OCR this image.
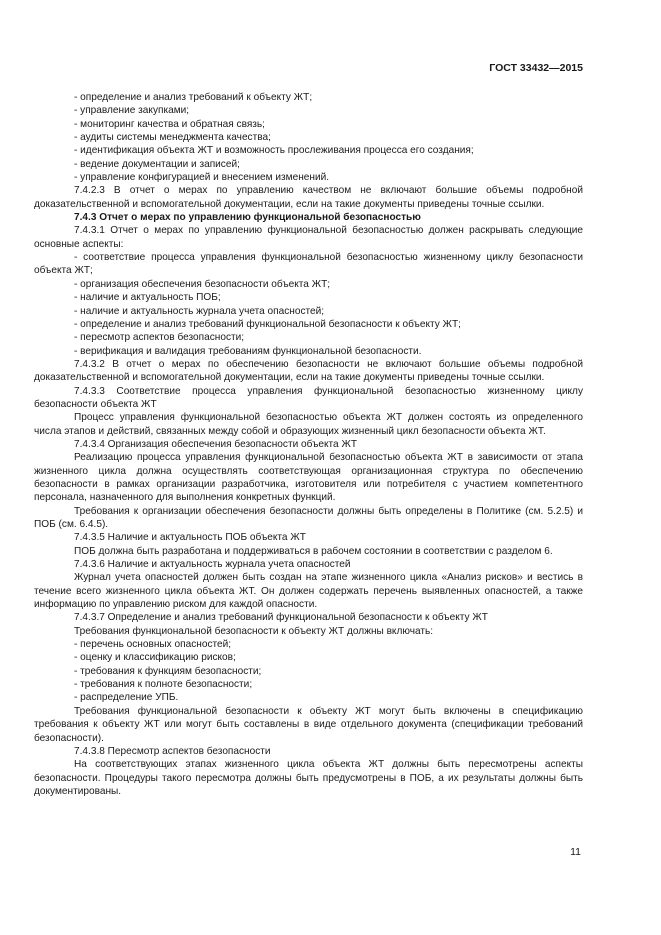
ГОСТ 33432—2015

- определение и анализ требований к объекту ЖТ;

- управление закупками;

- мониторинг качества и обратная связь;

- аудиты системы менеджмента качества;

- идентификация объекта ЖТ и возможность прослеживания процесса его создания;

- ведение документации и записей;

- управление конфигурацией и внесением изменений.

7.4.2.3 В отчет о мерах по управлению качеством не включают большие объемы подробной доказательственной и вспомогательной документации, если на такие документы приведены точные ссылки.

7.4.3 Отчет о мерах по управлению функциональной безопасностью

7.4.3.1 Отчет о мерах по управлению функциональной безопасностью должен раскрывать следующие основные аспекты:

- соответствие процесса управления функциональной безопасностью жизненному циклу безопасности объекта ЖТ;

- организация обеспечения безопасности объекта ЖТ;

- наличие и актуальность ПОБ;

- наличие и актуальность журнала учета опасностей;

- определение и анализ требований функциональной безопасности к объекту ЖТ;

- пересмотр аспектов безопасности;

- верификация и валидация требованиям функциональной безопасности.

7.4.3.2 В отчет о мерах по обеспечению безопасности не включают большие объемы подробной доказательственной и вспомогательной документации, если на такие документы приведены точные ссылки.

7.4.3.3 Соответствие процесса управления функциональной безопасностью жизненному циклу безопасности объекта ЖТ

Процесс управления функциональной безопасностью объекта ЖТ должен состоять из определенного числа этапов и действий, связанных между собой и образующих жизненный цикл безопасности объекта ЖТ.

7.4.3.4 Организация обеспечения безопасности объекта ЖТ

Реализацию процесса управления функциональной безопасностью объекта ЖТ в зависимости от этапа жизненного цикла должна осуществлять соответствующая организационная структура по обеспечению безопасности в рамках организации разработчика, изготовителя или потребителя с участием компетентного персонала, назначенного для выполнения конкретных функций.

Требования к организации обеспечения безопасности должны быть определены в Политике (см. 5.2.5) и ПОБ (см. 6.4.5).

7.4.3.5 Наличие и актуальность ПОБ объекта ЖТ

ПОБ должна быть разработана и поддерживаться в рабочем состоянии в соответствии с разделом 6.

7.4.3.6 Наличие и актуальность журнала учета опасностей

Журнал учета опасностей должен быть создан на этапе жизненного цикла «Анализ рисков» и вестись в течение всего жизненного цикла объекта ЖТ. Он должен содержать перечень выявленных опасностей, а также информацию по управлению риском для каждой опасности.

7.4.3.7 Определение и анализ требований функциональной безопасности к объекту ЖТ

Требования функциональной безопасности к объекту ЖТ должны включать:

- перечень основных опасностей;

- оценку и классификацию рисков;

- требования к функциям безопасности;

- требования к полноте безопасности;

- распределение УПБ.

Требования функциональной безопасности к объекту ЖТ могут быть включены в спецификацию требования к объекту ЖТ или могут быть составлены в виде отдельного документа (спецификации требований безопасности).

7.4.3.8 Пересмотр аспектов безопасности

На соответствующих этапах жизненного цикла объекта ЖТ должны быть пересмотрены аспекты безопасности. Процедуры такого пересмотра должны быть предусмотрены в ПОБ, а их результаты должны быть документированы.

11
